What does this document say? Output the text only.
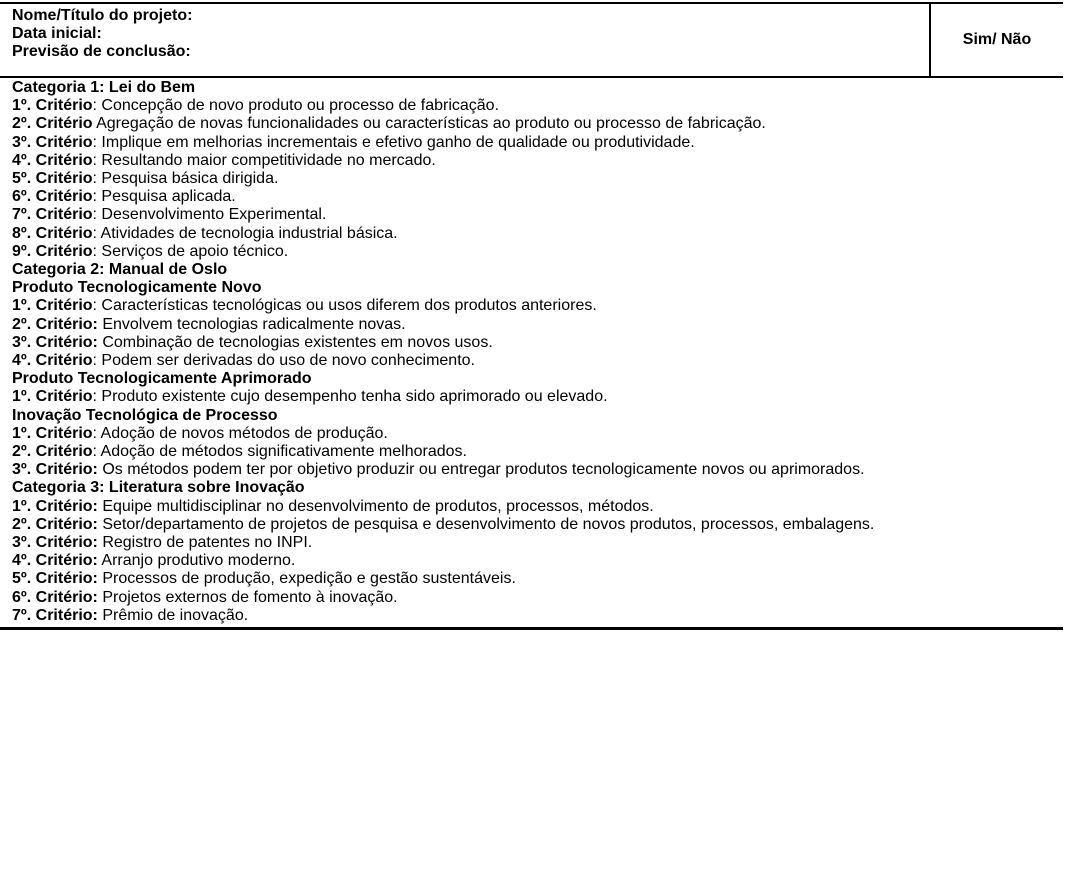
Nome/Título do projeto:
Data inicial:
Previsão de conclusão:
Sim/ Não
Categoria 1: Lei do Bem
1º. Critério: Concepção de novo produto ou processo de fabricação.
2º. Critério Agregação de novas funcionalidades ou características ao produto ou processo de fabricação.
3º. Critério: Implique em melhorias incrementais e efetivo ganho de qualidade ou produtividade.
4º. Critério: Resultando maior competitividade no mercado.
5º. Critério: Pesquisa básica dirigida.
6º. Critério: Pesquisa aplicada.
7º. Critério: Desenvolvimento Experimental.
8º. Critério: Atividades de tecnologia industrial básica.
9º. Critério: Serviços de apoio técnico.
Categoria 2: Manual de Oslo
Produto Tecnologicamente Novo
1º. Critério: Características tecnológicas ou usos diferem dos produtos anteriores.
2º. Critério: Envolvem tecnologias radicalmente novas.
3º. Critério: Combinação de tecnologias existentes em novos usos.
4º. Critério: Podem ser derivadas do uso de novo conhecimento.
Produto Tecnologicamente Aprimorado
1º. Critério: Produto existente cujo desempenho tenha sido aprimorado ou elevado.
Inovação Tecnológica de Processo
1º. Critério: Adoção de novos métodos de produção.
2º. Critério: Adoção de métodos significativamente melhorados.
3º. Critério: Os métodos podem ter por objetivo produzir ou entregar produtos tecnologicamente novos ou aprimorados.
Categoria 3: Literatura sobre Inovação
1º. Critério: Equipe multidisciplinar no desenvolvimento de produtos, processos, métodos.
2º. Critério: Setor/departamento de projetos de pesquisa e desenvolvimento de novos produtos, processos, embalagens.
3º. Critério: Registro de patentes no INPI.
4º. Critério: Arranjo produtivo moderno.
5º. Critério: Processos de produção, expedição e gestão sustentáveis.
6º. Critério: Projetos externos de fomento à inovação.
7º. Critério: Prêmio de inovação.
